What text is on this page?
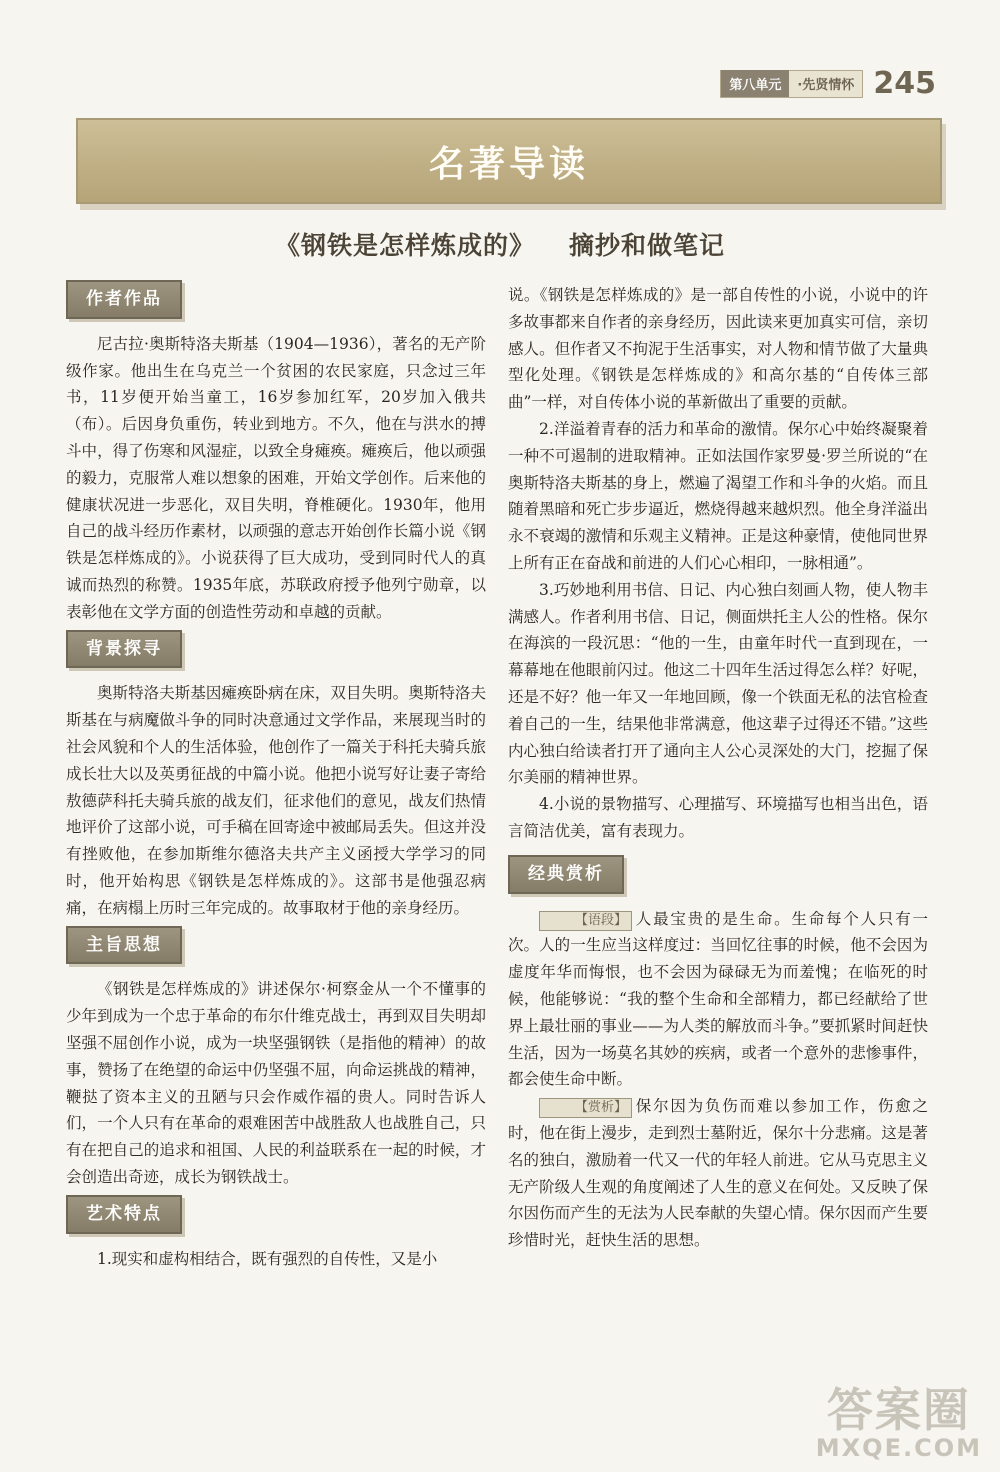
第八单元	·先贤情怀 245
名著导读
《钢铁是怎样炼成的》 摘抄和做笔记
作者作品

尼古拉·奥斯特洛夫斯基（1904—1936），著名的无产阶级作家。他出生在乌克兰一个贫困的农民家庭，只念过三年书，11岁便开始当童工，16岁参加红军，20岁加入俄共（布）。后因身负重伤，转业到地方。不久，他在与洪水的搏斗中，得了伤寒和风湿症，以致全身瘫痪。瘫痪后，他以顽强的毅力，克服常人难以想象的困难，开始文学创作。后来他的健康状况进一步恶化，双目失明，脊椎硬化。1930年，他用自己的战斗经历作素材，以顽强的意志开始创作长篇小说《钢铁是怎样炼成的》。小说获得了巨大成功，受到同时代人的真诚而热烈的称赞。1935年底，苏联政府授予他列宁勋章，以表彰他在文学方面的创造性劳动和卓越的贡献。

背景探寻

奥斯特洛夫斯基因瘫痪卧病在床，双目失明。奥斯特洛夫斯基在与病魔做斗争的同时决意通过文学作品，来展现当时的社会风貌和个人的生活体验，他创作了一篇关于科托夫骑兵旅成长壮大以及英勇征战的中篇小说。他把小说写好让妻子寄给敖德萨科托夫骑兵旅的战友们，征求他们的意见，战友们热情地评价了这部小说，可手稿在回寄途中被邮局丢失。但这并没有挫败他，在参加斯维尔德洛夫共产主义函授大学学习的同时，他开始构思《钢铁是怎样炼成的》。这部书是他强忍病痛，在病榻上历时三年完成的。故事取材于他的亲身经历。

主旨思想

《钢铁是怎样炼成的》讲述保尔·柯察金从一个不懂事的少年到成为一个忠于革命的布尔什维克战士，再到双目失明却坚强不屈创作小说，成为一块坚强钢铁（是指他的精神）的故事，赞扬了在绝望的命运中仍坚强不屈，向命运挑战的精神，鞭挞了资本主义的丑陋与只会作威作福的贵人。同时告诉人们，一个人只有在革命的艰难困苦中战胜敌人也战胜自己，只有在把自己的追求和祖国、人民的利益联系在一起的时候，才会创造出奇迹，成长为钢铁战士。

艺术特点

1.现实和虚构相结合，既有强烈的自传性，又是小

说。《钢铁是怎样炼成的》是一部自传性的小说，小说中的许多故事都来自作者的亲身经历，因此读来更加真实可信，亲切感人。但作者又不拘泥于生活事实，对人物和情节做了大量典型化处理。《钢铁是怎样炼成的》和高尔基的“自传体三部曲”一样，对自传体小说的革新做出了重要的贡献。

2.洋溢着青春的活力和革命的激情。保尔心中始终凝聚着一种不可遏制的进取精神。正如法国作家罗曼·罗兰所说的“在奥斯特洛夫斯基的身上，燃遍了渴望工作和斗争的火焰。而且随着黑暗和死亡步步逼近，燃烧得越来越炽烈。他全身洋溢出永不衰竭的激情和乐观主义精神。正是这种豪情，使他同世界上所有正在奋战和前进的人们心心相印，一脉相通”。

3.巧妙地利用书信、日记、内心独白刻画人物，使人物丰满感人。作者利用书信、日记，侧面烘托主人公的性格。保尔在海滨的一段沉思：“他的一生，由童年时代一直到现在，一幕幕地在他眼前闪过。他这二十四年生活过得怎么样？好呢，还是不好？他一年又一年地回顾，像一个铁面无私的法官检查着自己的一生，结果他非常满意，他这辈子过得还不错。”这些内心独白给读者打开了通向主人公心灵深处的大门，挖掘了保尔美丽的精神世界。

4.小说的景物描写、心理描写、环境描写也相当出色，语言简洁优美，富有表现力。

经典赏析

【语段】 人最宝贵的是生命。生命每个人只有一次。人的一生应当这样度过：当回忆往事的时候，他不会因为虚度年华而悔恨，也不会因为碌碌无为而羞愧；在临死的时候，他能够说：“我的整个生命和全部精力，都已经献给了世界上最壮丽的事业——为人类的解放而斗争。”要抓紧时间赶快生活，因为一场莫名其妙的疾病，或者一个意外的悲惨事件，都会使生命中断。

【赏析】 保尔因为负伤而难以参加工作，伤愈之时，他在街上漫步，走到烈士墓附近，保尔十分悲痛。这是著名的独白，激励着一代又一代的年轻人前进。它从马克思主义无产阶级人生观的角度阐述了人生的意义在何处。又反映了保尔因伤而产生的无法为人民奉献的失望心情。保尔因而产生要珍惜时光，赶快生活的思想。

答案圈
MXQE.COM
